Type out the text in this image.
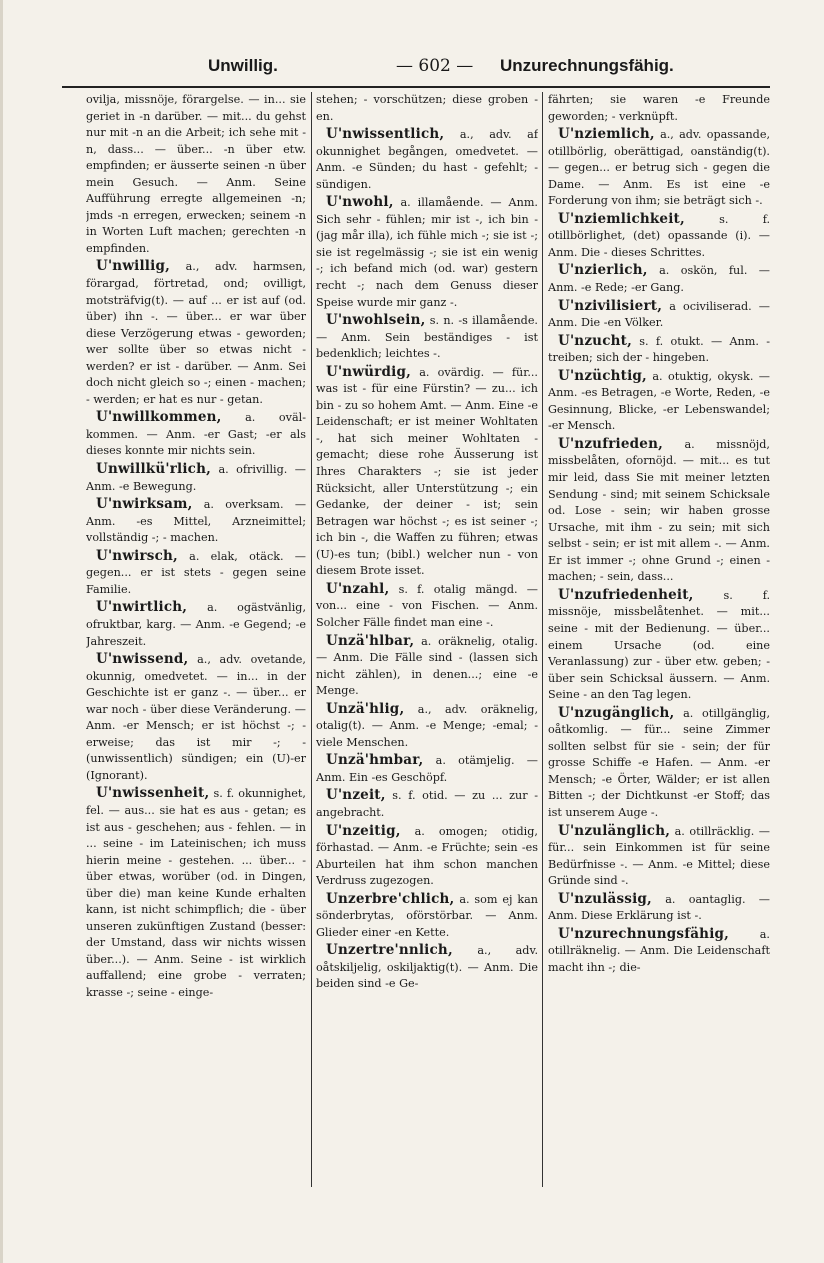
Unwillig.	— 602 — Unzurechnungsfähig.
ovilja, missnöje, förargelse. — in... sie geriet in -n darüber. — mit... du gehst nur mit -n an die Arbeit; ich sehe mit -n, dass... — über... -n über etw. empfinden; er äusserte seinen -n über mein Gesuch. — Anm. Seine Aufführung erregte allgemeinen -n; jmds -n erregen, erwecken; seinem -n in Worten Luft machen; gerechten -n empfinden.
U'nwillig, a., adv. harmsen, förargad, förtretad, ond; ovilligt, motsträfvig(t). — auf ... er ist auf (od. über) ihn -. — über... er war über diese Verzögerung etwas - geworden; wer sollte über so etwas nicht - werden? er ist - darüber. — Anm. Sei doch nicht gleich so -; einen - machen; - werden; er hat es nur - getan.
U'nwillkommen, a. oväl-kommen. — Anm. -er Gast; -er als dieses konnte mir nichts sein.
Unwillkü'rlich, a. ofrivillig. — Anm. -e Bewegung.
U'nwirksam, a. overksam. — Anm. -es Mittel, Arzneimittel; vollständig -; - machen.
U'nwirsch, a. elak, otäck. — gegen... er ist stets - gegen seine Familie.
U'nwirtlich, a. ogästvänlig, ofruktbar, karg. — Anm. -e Gegend; -e Jahreszeit.
U'nwissend, a., adv. ovetande, okunnig, omedvetet. — in... in der Geschichte ist er ganz -. — über... er war noch - über diese Veränderung. — Anm. -er Mensch; er ist höchst -; -erweise; das ist mir -; - (unwissentlich) sündigen; ein (U)-er (Ignorant).
U'nwissenheit, s. f. okunnighet, fel. — aus... sie hat es aus - getan; es ist aus - geschehen; aus - fehlen. — in ... seine - im Lateinischen; ich muss hierin meine - gestehen. ... über... - über etwas, worüber (od. in Dingen, über die) man keine Kunde erhalten kann, ist nicht schimpflich; die - über unseren zukünftigen Zustand (besser: der Umstand, dass wir nichts wissen über...). — Anm. Seine - ist wirklich auffallend; eine grobe - verraten; krasse -; seine - einge-
stehen; - vorschützen; diese groben -en.
U'nwissentlich, a., adv. af okunnighet begången, omedvetet. — Anm. -e Sünden; du hast - gefehlt; - sündigen.
U'nwohl, a. illamående. — Anm. Sich sehr - fühlen; mir ist -, ich bin - (jag mår illa), ich fühle mich -; sie ist -; sie ist regelmässig -; sie ist ein wenig -; ich befand mich (od. war) gestern recht -; nach dem Genuss dieser Speise wurde mir ganz -.
U'nwohlsein, s. n. -s illamående. — Anm. Sein beständiges - ist bedenklich; leichtes -.
U'nwürdig, a. ovärdig. — für... was ist - für eine Fürstin? — zu... ich bin - zu so hohem Amt. — Anm. Eine -e Leidenschaft; er ist meiner Wohltaten -, hat sich meiner Wohltaten - gemacht; diese rohe Äusserung ist Ihres Charakters -; sie ist jeder Rücksicht, aller Unterstützung -; ein Gedanke, der deiner - ist; sein Betragen war höchst -; es ist seiner -; ich bin -, die Waffen zu führen; etwas (U)-es tun; (bibl.) welcher nun - von diesem Brote isset.
U'nzahl, s. f. otalig mängd. — von... eine - von Fischen. — Anm. Solcher Fälle findet man eine -.
Unzä'hlbar, a. oräknelig, otalig. — Anm. Die Fälle sind - (lassen sich nicht zählen), in denen...; eine -e Menge.
Unzä'hlig, a., adv. oräknelig, otalig(t). — Anm. -e Menge; -emal; - viele Menschen.
Unzä'hmbar, a. otämjelig. — Anm. Ein -es Geschöpf.
U'nzeit, s. f. otid. — zu ... zur - angebracht.
U'nzeitig, a. omogen; otidig, förhastad. — Anm. -e Früchte; sein -es Aburteilen hat ihm schon manchen Verdruss zugezogen.
Unzerbre'chlich, a. som ej kan sönderbrytas, oförstörbar. — Anm. Glieder einer -en Kette.
Unzertre'nnlich, a., adv. oåtskiljelig, oskiljaktig(t). — Anm. Die beiden sind -e Ge-
fährten; sie waren -e Freunde geworden; - verknüpft.
U'nziemlich, a., adv. opassande, otillbörlig, oberättigad, oanständig(t). — gegen... er betrug sich - gegen die Dame. — Anm. Es ist eine -e Forderung von ihm; sie beträgt sich -.
U'nziemlichkeit,	s. f. otillbörlighet, (det) opassande (i). — Anm. Die - dieses Schrittes.
U'nzierlich, a. oskön, ful. — Anm. -e Rede; -er Gang.
U'nzivilisiert, a ociviliserad. — Anm. Die -en Völker.
U'nzucht, s. f. otukt. — Anm. - treiben; sich der - hingeben.
U'nzüchtig, a. otuktig, okysk. — Anm. -es Betragen, -e Worte, Reden, -e Gesinnung, Blicke, -er Lebenswandel; -er Mensch.
U'nzufrieden, a. missnöjd, missbelåten, ofornöjd. — mit... es tut mir leid, dass Sie mit meiner letzten Sendung - sind; mit seinem Schicksale od. Lose - sein; wir haben grosse Ursache, mit ihm - zu sein; mit sich selbst - sein; er ist mit allem -. — Anm. Er ist immer -; ohne Grund -; einen - machen; - sein, dass...
U'nzufriedenheit,	s. f. missnöje, missbelåtenhet. — mit... seine - mit der Bedienung. — über... einem Ursache (od. eine Veranlassung) zur - über etw. geben; - über sein Schicksal äussern. — Anm. Seine - an den Tag legen.
U'nzugänglich, a. otillgänglig, oåtkomlig. — für... seine Zimmer sollten selbst für sie - sein; der für grosse Schiffe -e Hafen. — Anm. -er Mensch; -e Örter, Wälder; er ist allen Bitten -; der Dichtkunst -er Stoff; das ist unserem Auge -.
U'nzulänglich, a. otillräcklig. — für... sein Einkommen ist für seine Bedürfnisse -. — Anm. -e Mittel; diese Gründe sind -.
U'nzulässig, a. oantaglig. — Anm. Diese Erklärung ist -.
U'nzurechnungsfähig,	a. otillräknelig. — Anm. Die Leidenschaft macht ihn -; die-
